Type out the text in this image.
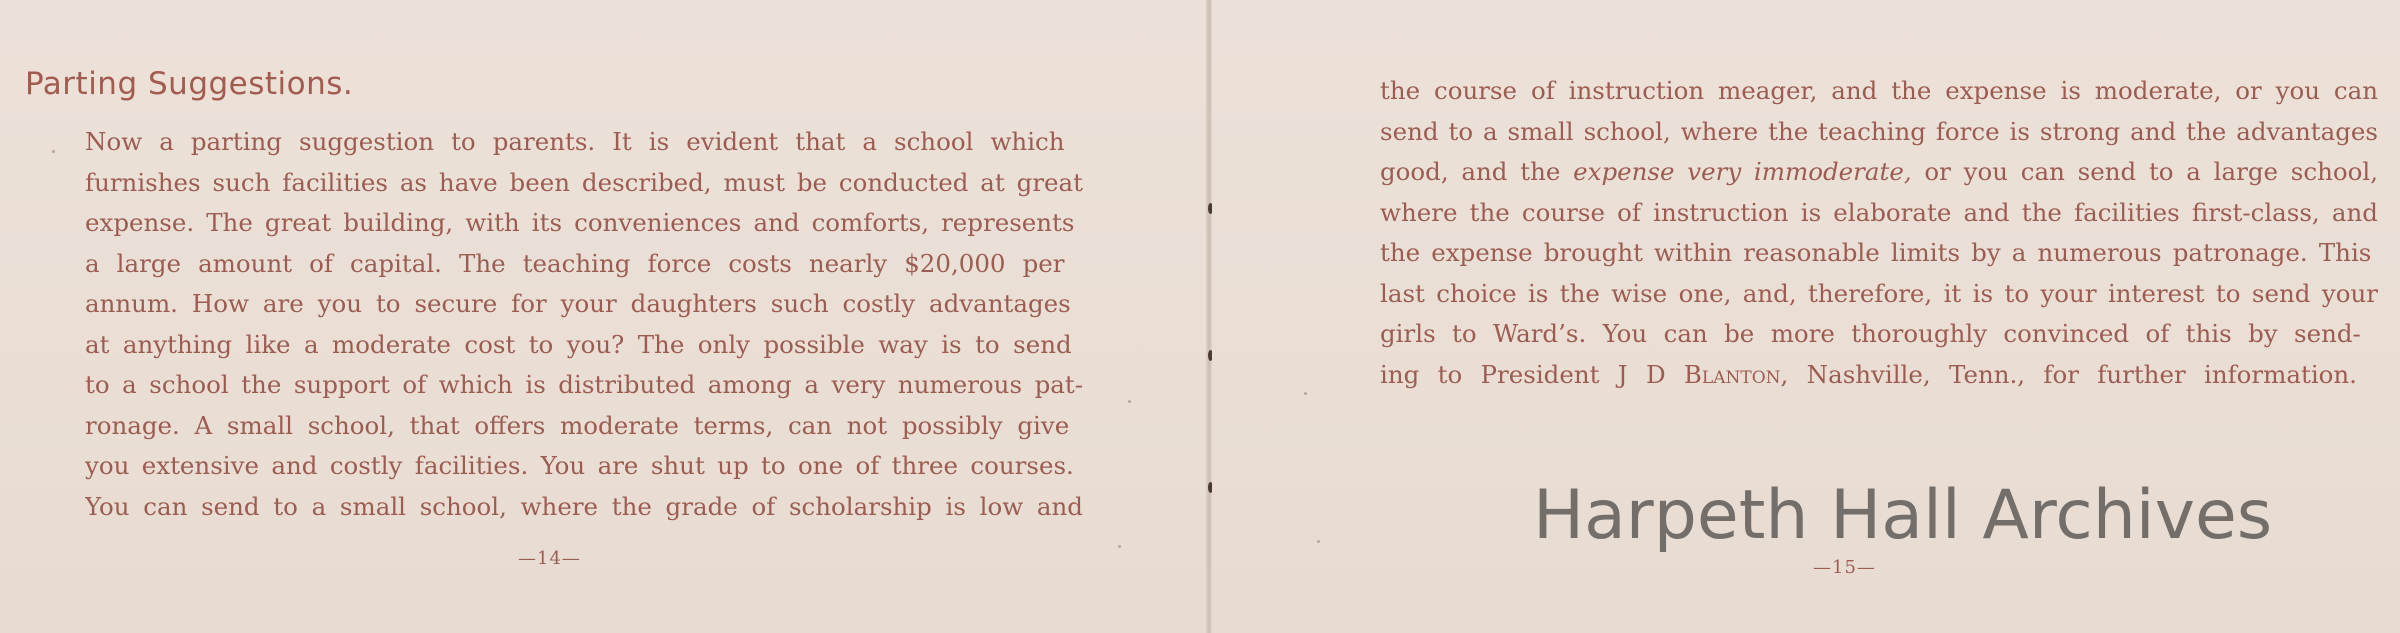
Parting Suggestions.
Now a parting suggestion to parents. It is evident that a school which
furnishes such facilities as have been described, must be conducted at great
expense. The great building, with its conveniences and comforts, represents
a large amount of capital. The teaching force costs nearly $20,000 per
annum. How are you to secure for your daughters such costly advantages
at anything like a moderate cost to you? The only possible way is to send
to a school the support of which is distributed among a very numerous pat-
ronage. A small school, that offers moderate terms, can not possibly give
you extensive and costly facilities. You are shut up to one of three courses.
You can send to a small school, where the grade of scholarship is low and
—14—
the course of instruction meager, and the expense is moderate, or you can
send to a small school, where the teaching force is strong and the advantages
good, and the expense very immoderate, or you can send to a large school,
where the course of instruction is elaborate and the facilities first-class, and
the expense brought within reasonable limits by a numerous patronage. This
last choice is the wise one, and, therefore, it is to your interest to send your
girls to Ward’s. You can be more thoroughly convinced of this by send-
ing to President J D Blanton, Nashville, Tenn., for further information.
—15—
Harpeth Hall Archives
